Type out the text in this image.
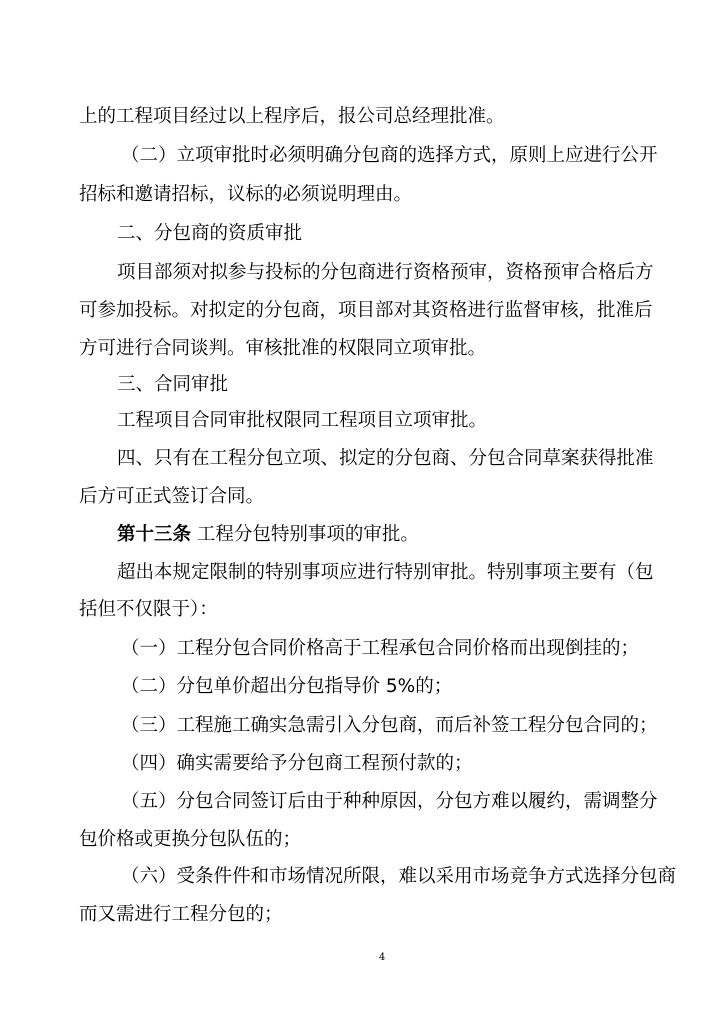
上的工程项目经过以上程序后，报公司总经理批准。
（二）立项审批时必须明确分包商的选择方式，原则上应进行公开
招标和邀请招标，议标的必须说明理由。
二、分包商的资质审批
项目部须对拟参与投标的分包商进行资格预审，资格预审合格后方
可参加投标。对拟定的分包商，项目部对其资格进行监督审核，批准后
方可进行合同谈判。审核批准的权限同立项审批。
三、合同审批
工程项目合同审批权限同工程项目立项审批。
四、只有在工程分包立项、拟定的分包商、分包合同草案获得批准
后方可正式签订合同。
第十三条 工程分包特别事项的审批。
超出本规定限制的特别事项应进行特别审批。特别事项主要有（包
括但不仅限于）：
（一）工程分包合同价格高于工程承包合同价格而出现倒挂的；
（二）分包单价超出分包指导价 5%的；
（三）工程施工确实急需引入分包商，而后补签工程分包合同的；
（四）确实需要给予分包商工程预付款的；
（五）分包合同签订后由于种种原因，分包方难以履约，需调整分
包价格或更换分包队伍的；
（六）受条件件和市场情况所限，难以采用市场竞争方式选择分包商
而又需进行工程分包的；
4
